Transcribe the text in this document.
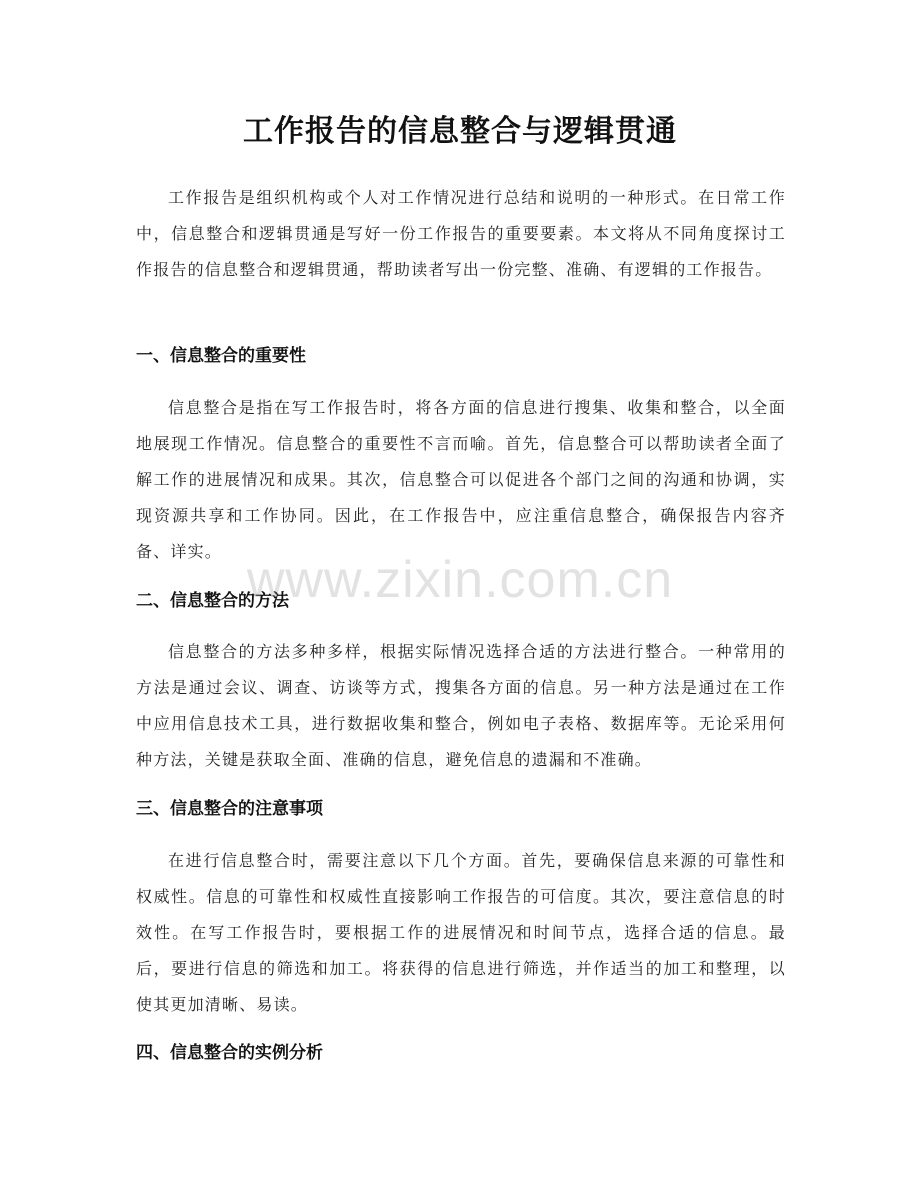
工作报告的信息整合与逻辑贯通

工作报告是组织机构或个人对工作情况进行总结和说明的一种形式。在日常工作中，信息整合和逻辑贯通是写好一份工作报告的重要要素。本文将从不同角度探讨工作报告的信息整合和逻辑贯通，帮助读者写出一份完整、准确、有逻辑的工作报告。

一、信息整合的重要性

信息整合是指在写工作报告时，将各方面的信息进行搜集、收集和整合，以全面地展现工作情况。信息整合的重要性不言而喻。首先，信息整合可以帮助读者全面了解工作的进展情况和成果。其次，信息整合可以促进各个部门之间的沟通和协调，实现资源共享和工作协同。因此，在工作报告中，应注重信息整合，确保报告内容齐备、详实。

二、信息整合的方法

信息整合的方法多种多样，根据实际情况选择合适的方法进行整合。一种常用的方法是通过会议、调查、访谈等方式，搜集各方面的信息。另一种方法是通过在工作中应用信息技术工具，进行数据收集和整合，例如电子表格、数据库等。无论采用何种方法，关键是获取全面、准确的信息，避免信息的遗漏和不准确。

三、信息整合的注意事项

在进行信息整合时，需要注意以下几个方面。首先，要确保信息来源的可靠性和权威性。信息的可靠性和权威性直接影响工作报告的可信度。其次，要注意信息的时效性。在写工作报告时，要根据工作的进展情况和时间节点，选择合适的信息。最后，要进行信息的筛选和加工。将获得的信息进行筛选，并作适当的加工和整理，以使其更加清晰、易读。

四、信息整合的实例分析
www.zixin.com.cn
